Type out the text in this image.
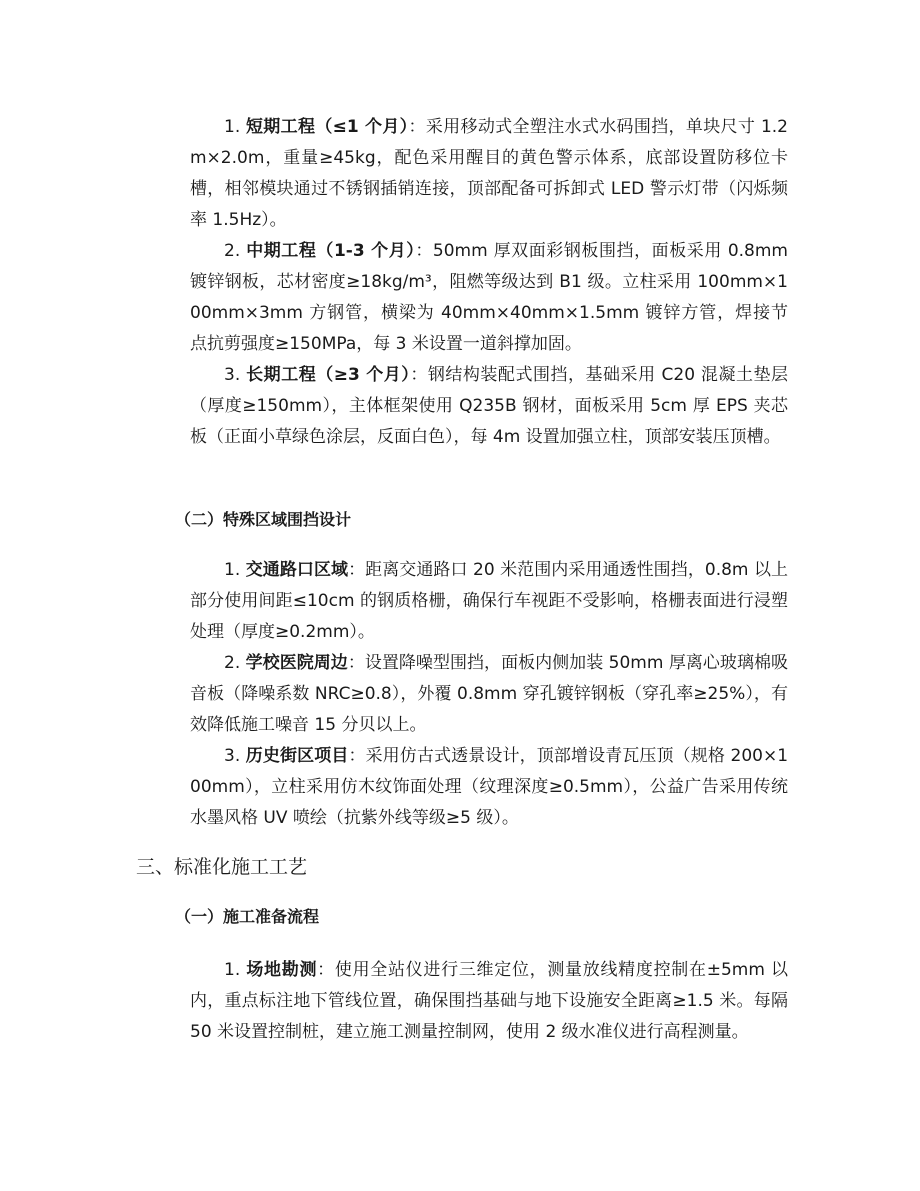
1. 短期工程（≤1 个月）：采用移动式全塑注水式水码围挡，单块尺寸 1.2m×2.0m，重量≥45kg，配色采用醒目的黄色警示体系，底部设置防移位卡槽，相邻模块通过不锈钢插销连接，顶部配备可拆卸式 LED 警示灯带（闪烁频率 1.5Hz）。

2. 中期工程（1-3 个月）：50mm 厚双面彩钢板围挡，面板采用 0.8mm 镀锌钢板，芯材密度≥18kg/m³，阻燃等级达到 B1 级。立柱采用 100mm×100mm×3mm 方钢管，横梁为 40mm×40mm×1.5mm 镀锌方管，焊接节点抗剪强度≥150MPa，每 3 米设置一道斜撑加固。

3. 长期工程（≥3 个月）：钢结构装配式围挡，基础采用 C20 混凝土垫层（厚度≥150mm），主体框架使用 Q235B 钢材，面板采用 5cm 厚 EPS 夹芯板（正面小草绿色涂层，反面白色），每 4m 设置加强立柱，顶部安装压顶槽。

（二）特殊区域围挡设计

1. 交通路口区域：距离交通路口 20 米范围内采用通透性围挡，0.8m 以上部分使用间距≤10cm 的钢质格栅，确保行车视距不受影响，格栅表面进行浸塑处理（厚度≥0.2mm）。

2. 学校医院周边：设置降噪型围挡，面板内侧加装 50mm 厚离心玻璃棉吸音板（降噪系数 NRC≥0.8），外覆 0.8mm 穿孔镀锌钢板（穿孔率≥25%），有效降低施工噪音 15 分贝以上。

3. 历史街区项目：采用仿古式透景设计，顶部增设青瓦压顶（规格 200×100mm），立柱采用仿木纹饰面处理（纹理深度≥0.5mm），公益广告采用传统水墨风格 UV 喷绘（抗紫外线等级≥5 级）。

三、标准化施工工艺
（一）施工准备流程

1. 场地勘测：使用全站仪进行三维定位，测量放线精度控制在±5mm 以内，重点标注地下管线位置，确保围挡基础与地下设施安全距离≥1.5 米。每隔 50 米设置控制桩，建立施工测量控制网，使用 2 级水准仪进行高程测量。
